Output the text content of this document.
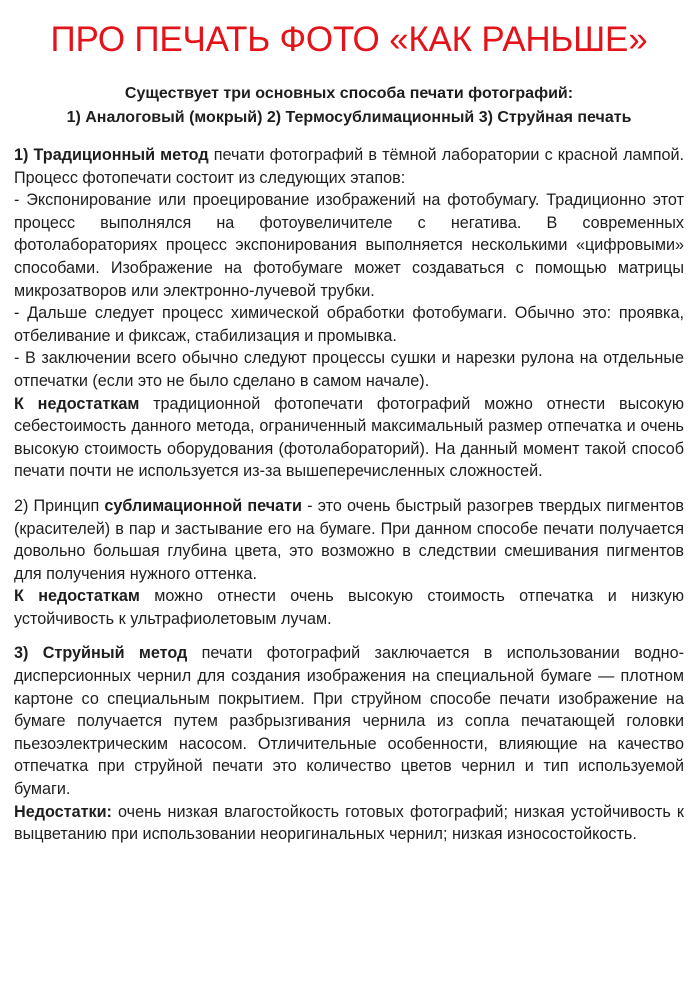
ПРО ПЕЧАТЬ ФОТО «КАК РАНЬШЕ»
Существует три основных способа печати фотографий:
1) Аналоговый (мокрый) 2) Термосублимационный 3) Струйная печать

1) Традиционный метод печати фотографий в тёмной лаборатории с красной лампой. Процесс фотопечати состоит из следующих этапов:

- Экспонирование или проецирование изображений на фотобумагу. Традиционно этот процесс выполнялся на фотоувеличителе с негатива. В современных фотолабораториях процесс экспонирования выполняется несколькими «цифровыми» способами. Изображение на фотобумаге может создаваться с помощью матрицы микрозатворов или электронно-лучевой трубки.

- Дальше следует процесс химической обработки фотобумаги. Обычно это: проявка, отбеливание и фиксаж, стабилизация и промывка.

- В заключении всего обычно следуют процессы сушки и нарезки рулона на отдельные отпечатки (если это не было сделано в самом начале).

К недостаткам традиционной фотопечати фотографий можно отнести высокую себестоимость данного метода, ограниченный максимальный размер отпечатка и очень высокую стоимость оборудования (фотолабораторий). На данный момент такой способ печати почти не используется из-за вышеперечисленных сложностей.

2) Принцип сублимационной печати - это очень быстрый разогрев твердых пигментов (красителей) в пар и застывание его на бумаге. При данном способе печати получается довольно большая глубина цвета, это возможно в следствии смешивания пигментов для получения нужного оттенка.

К недостаткам можно отнести очень высокую стоимость отпечатка и низкую устойчивость к ультрафиолетовым лучам.

3) Струйный метод печати фотографий заключается в использовании водно-дисперсионных чернил для создания изображения на специальной бумаге — плотном картоне со специальным покрытием. При струйном способе печати изображение на бумаге получается путем разбрызгивания чернила из сопла печатающей головки пьезоэлектрическим насосом. Отличительные особенности, влияющие на качество отпечатка при струйной печати это количество цветов чернил и тип используемой бумаги.

Недостатки: очень низкая влагостойкость готовых фотографий; низкая устойчивость к выцветанию при использовании неоригинальных чернил; низкая износостойкость.
